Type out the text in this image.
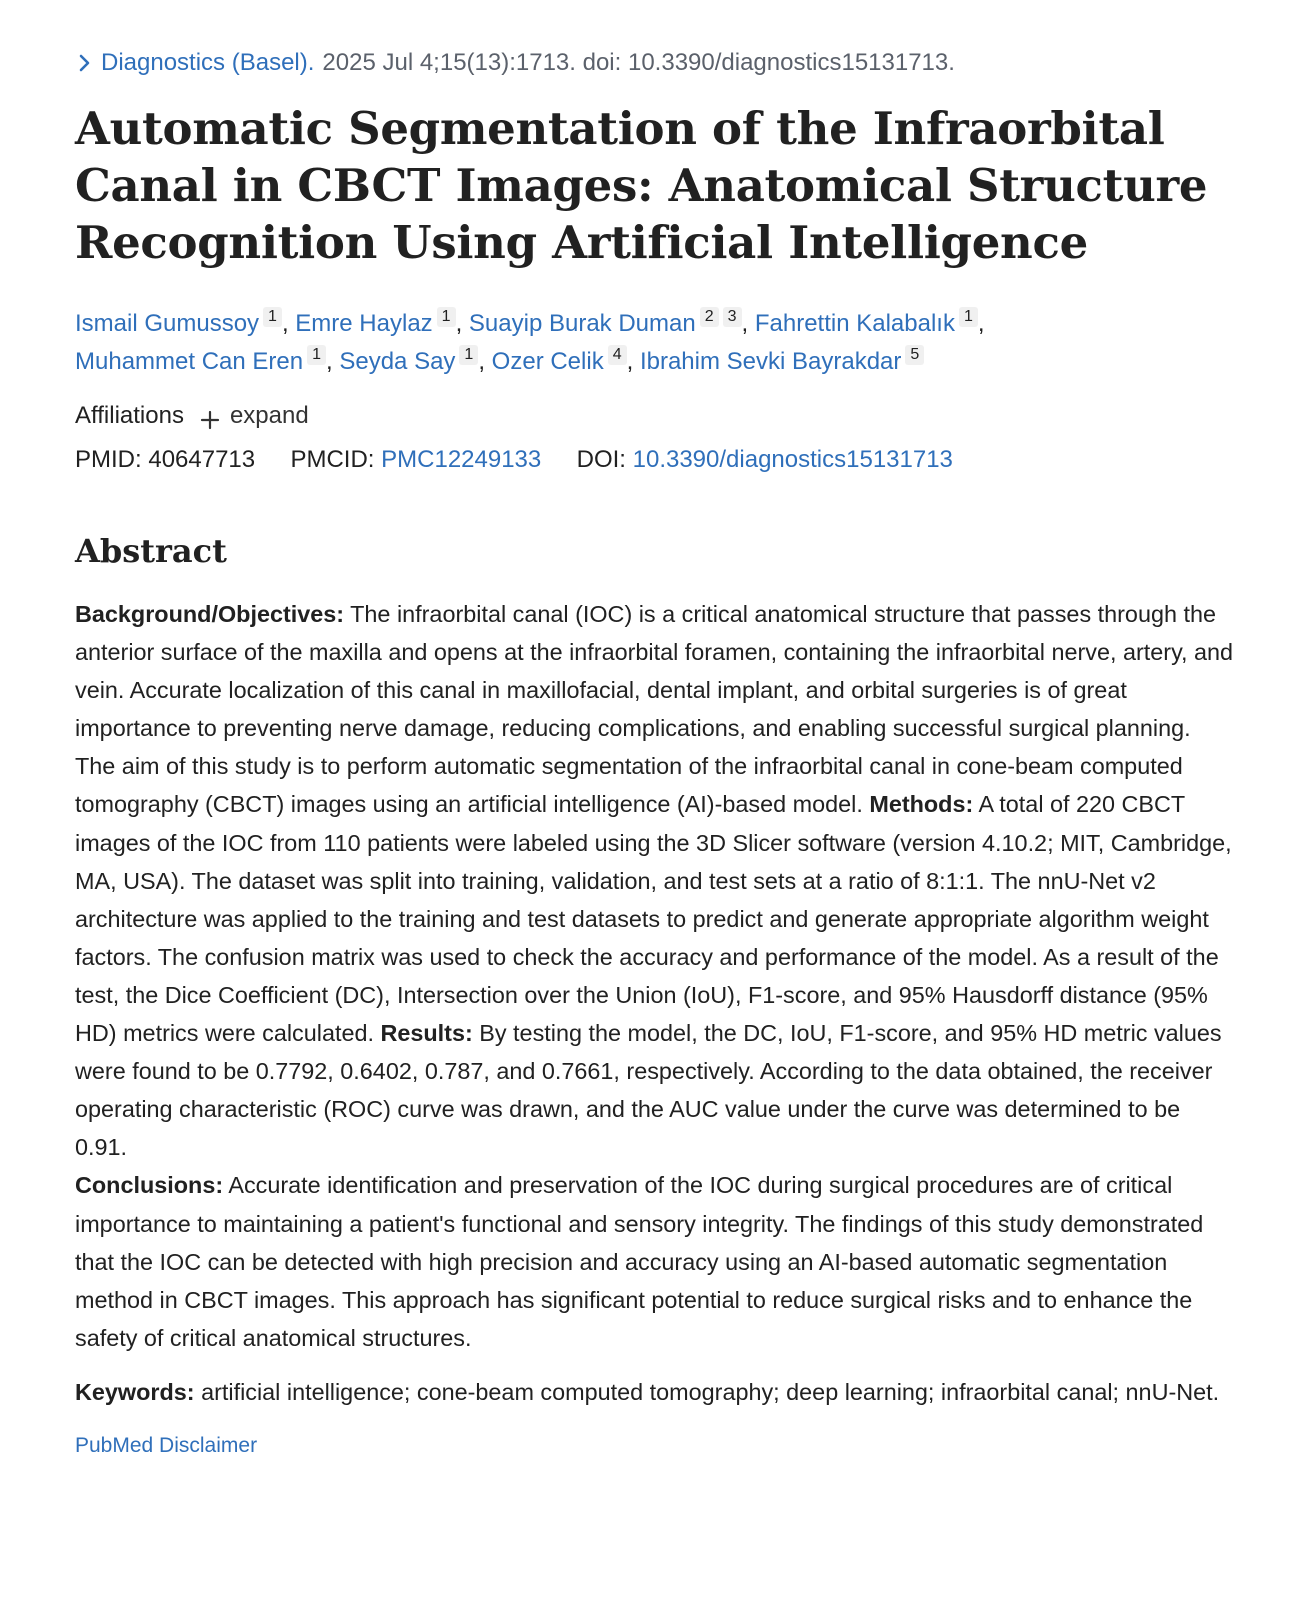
Diagnostics (Basel). 2025 Jul 4;15(13):1713. doi: 10.3390/diagnostics15131713.
Automatic Segmentation of the Infraorbital Canal in CBCT Images: Anatomical Structure Recognition Using Artificial Intelligence
Ismail Gumussoy $^1$ , Emre Haylaz $^1$ , Suayip Burak Duman $^2$ $^3$ , Fahrettin Kalabalık $^1$ ,
Muhammet Can Eren $^1$ , Seyda Say $^1$ , Ozer Celik $^4$ , Ibrahim Sevki Bayrakdar $^5$
Affiliations expand
PMID: 40647713 PMCID: PMC12249133 DOI: 10.3390/diagnostics15131713
Abstract
Background/Objectives: The infraorbital canal (IOC) is a critical anatomical structure that passes through the anterior surface of the maxilla and opens at the infraorbital foramen, containing the infraorbital nerve, artery, and vein. Accurate localization of this canal in maxillofacial, dental implant, and orbital surgeries is of great importance to preventing nerve damage, reducing complications, and enabling successful surgical planning. The aim of this study is to perform automatic segmentation of the infraorbital canal in cone-beam computed tomography (CBCT) images using an artificial intelligence (AI)-based model. Methods: A total of 220 CBCT images of the IOC from 110 patients were labeled using the 3D Slicer software (version 4.10.2; MIT, Cambridge, MA, USA). The dataset was split into training, validation, and test sets at a ratio of 8:1:1. The nnU-Net v2 architecture was applied to the training and test datasets to predict and generate appropriate algorithm weight factors. The confusion matrix was used to check the accuracy and performance of the model. As a result of the test, the Dice Coefficient (DC), Intersection over the Union (IoU), F1-score, and 95% Hausdorff distance (95% HD) metrics were calculated. Results: By testing the model, the DC, IoU, F1-score, and 95% HD metric values were found to be 0.7792, 0.6402, 0.787, and 0.7661, respectively. According to the data obtained, the receiver operating characteristic (ROC) curve was drawn, and the AUC value under the curve was determined to be 0.91.
Conclusions: Accurate identification and preservation of the IOC during surgical procedures are of critical importance to maintaining a patient's functional and sensory integrity. The findings of this study demonstrated that the IOC can be detected with high precision and accuracy using an AI-based automatic segmentation method in CBCT images. This approach has significant potential to reduce surgical risks and to enhance the safety of critical anatomical structures.
Keywords: artificial intelligence; cone-beam computed tomography; deep learning; infraorbital canal; nnU-Net.
PubMed Disclaimer
